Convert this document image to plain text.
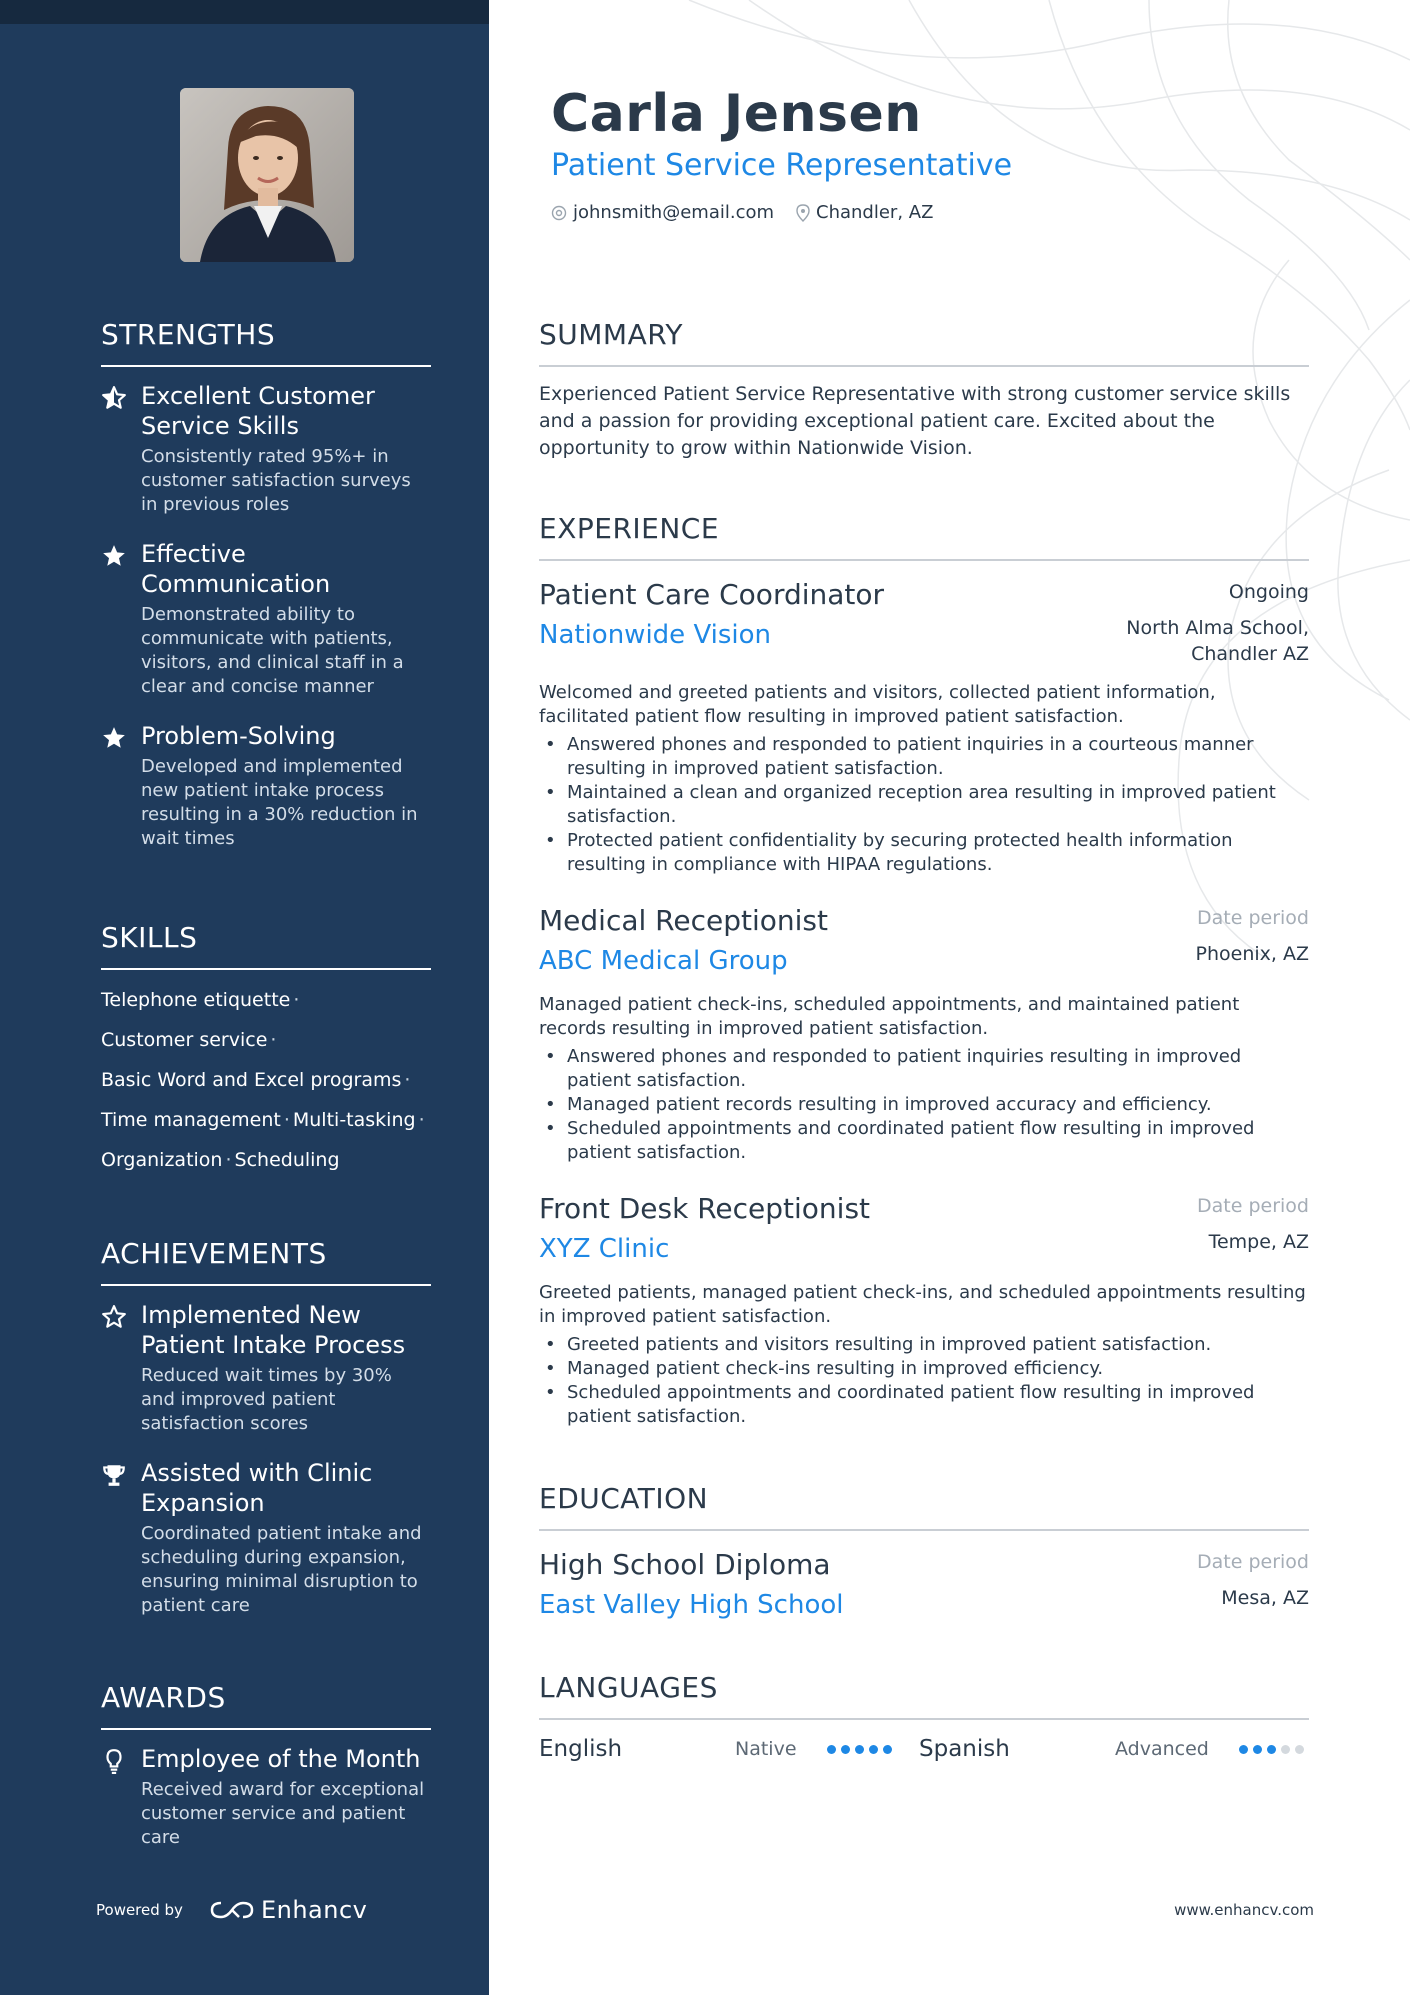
STRENGTHS
Excellent Customer Service Skills
Consistently rated 95%+ in customer satisfaction surveys in previous roles
Effective Communication
Demonstrated ability to communicate with patients, visitors, and clinical staff in a clear and concise manner
Problem-Solving
Developed and implemented new patient intake process resulting in a 30% reduction in wait times
SKILLS
Telephone etiquette ·
Customer service ·
Basic Word and Excel programs ·
Time management · Multi-tasking ·
Organization · Scheduling
ACHIEVEMENTS
Implemented New Patient Intake Process
Reduced wait times by 30% and improved patient satisfaction scores
Assisted with Clinic Expansion
Coordinated patient intake and scheduling during expansion, ensuring minimal disruption to patient care
AWARDS
Employee of the Month
Received award for exceptional customer service and patient care
Powered by	Enhancv
Carla Jensen
Patient Service Representative
johnsmith@email.com Chandler, AZ
SUMMARY

Experienced Patient Service Representative with strong customer service skills and a passion for providing exceptional patient care. Excited about the opportunity to grow within Nationwide Vision.

EXPERIENCE
Patient Care Coordinator
Nationwide Vision
Ongoing
North Alma School, Chandler AZ

Welcomed and greeted patients and visitors, collected patient information, facilitated patient flow resulting in improved patient satisfaction.

• Answered phones and responded to patient inquiries in a courteous manner resulting in improved patient satisfaction.
• Maintained a clean and organized reception area resulting in improved patient satisfaction.
• Protected patient confidentiality by securing protected health information resulting in compliance with HIPAA regulations.
Medical Receptionist
ABC Medical Group
Date period
Phoenix, AZ

Managed patient check-ins, scheduled appointments, and maintained patient records resulting in improved patient satisfaction.

• Answered phones and responded to patient inquiries resulting in improved patient satisfaction.
• Managed patient records resulting in improved accuracy and efficiency.
• Scheduled appointments and coordinated patient flow resulting in improved patient satisfaction.
Front Desk Receptionist
XYZ Clinic
Date period
Tempe, AZ

Greeted patients, managed patient check-ins, and scheduled appointments resulting in improved patient satisfaction.

• Greeted patients and visitors resulting in improved patient satisfaction.
• Managed patient check-ins resulting in improved efficiency.
• Scheduled appointments and coordinated patient flow resulting in improved patient satisfaction.
EDUCATION
High School Diploma
East Valley High School
Date period
Mesa, AZ
LANGUAGES
English	Native	Spanish	Advanced
www.enhancv.com
